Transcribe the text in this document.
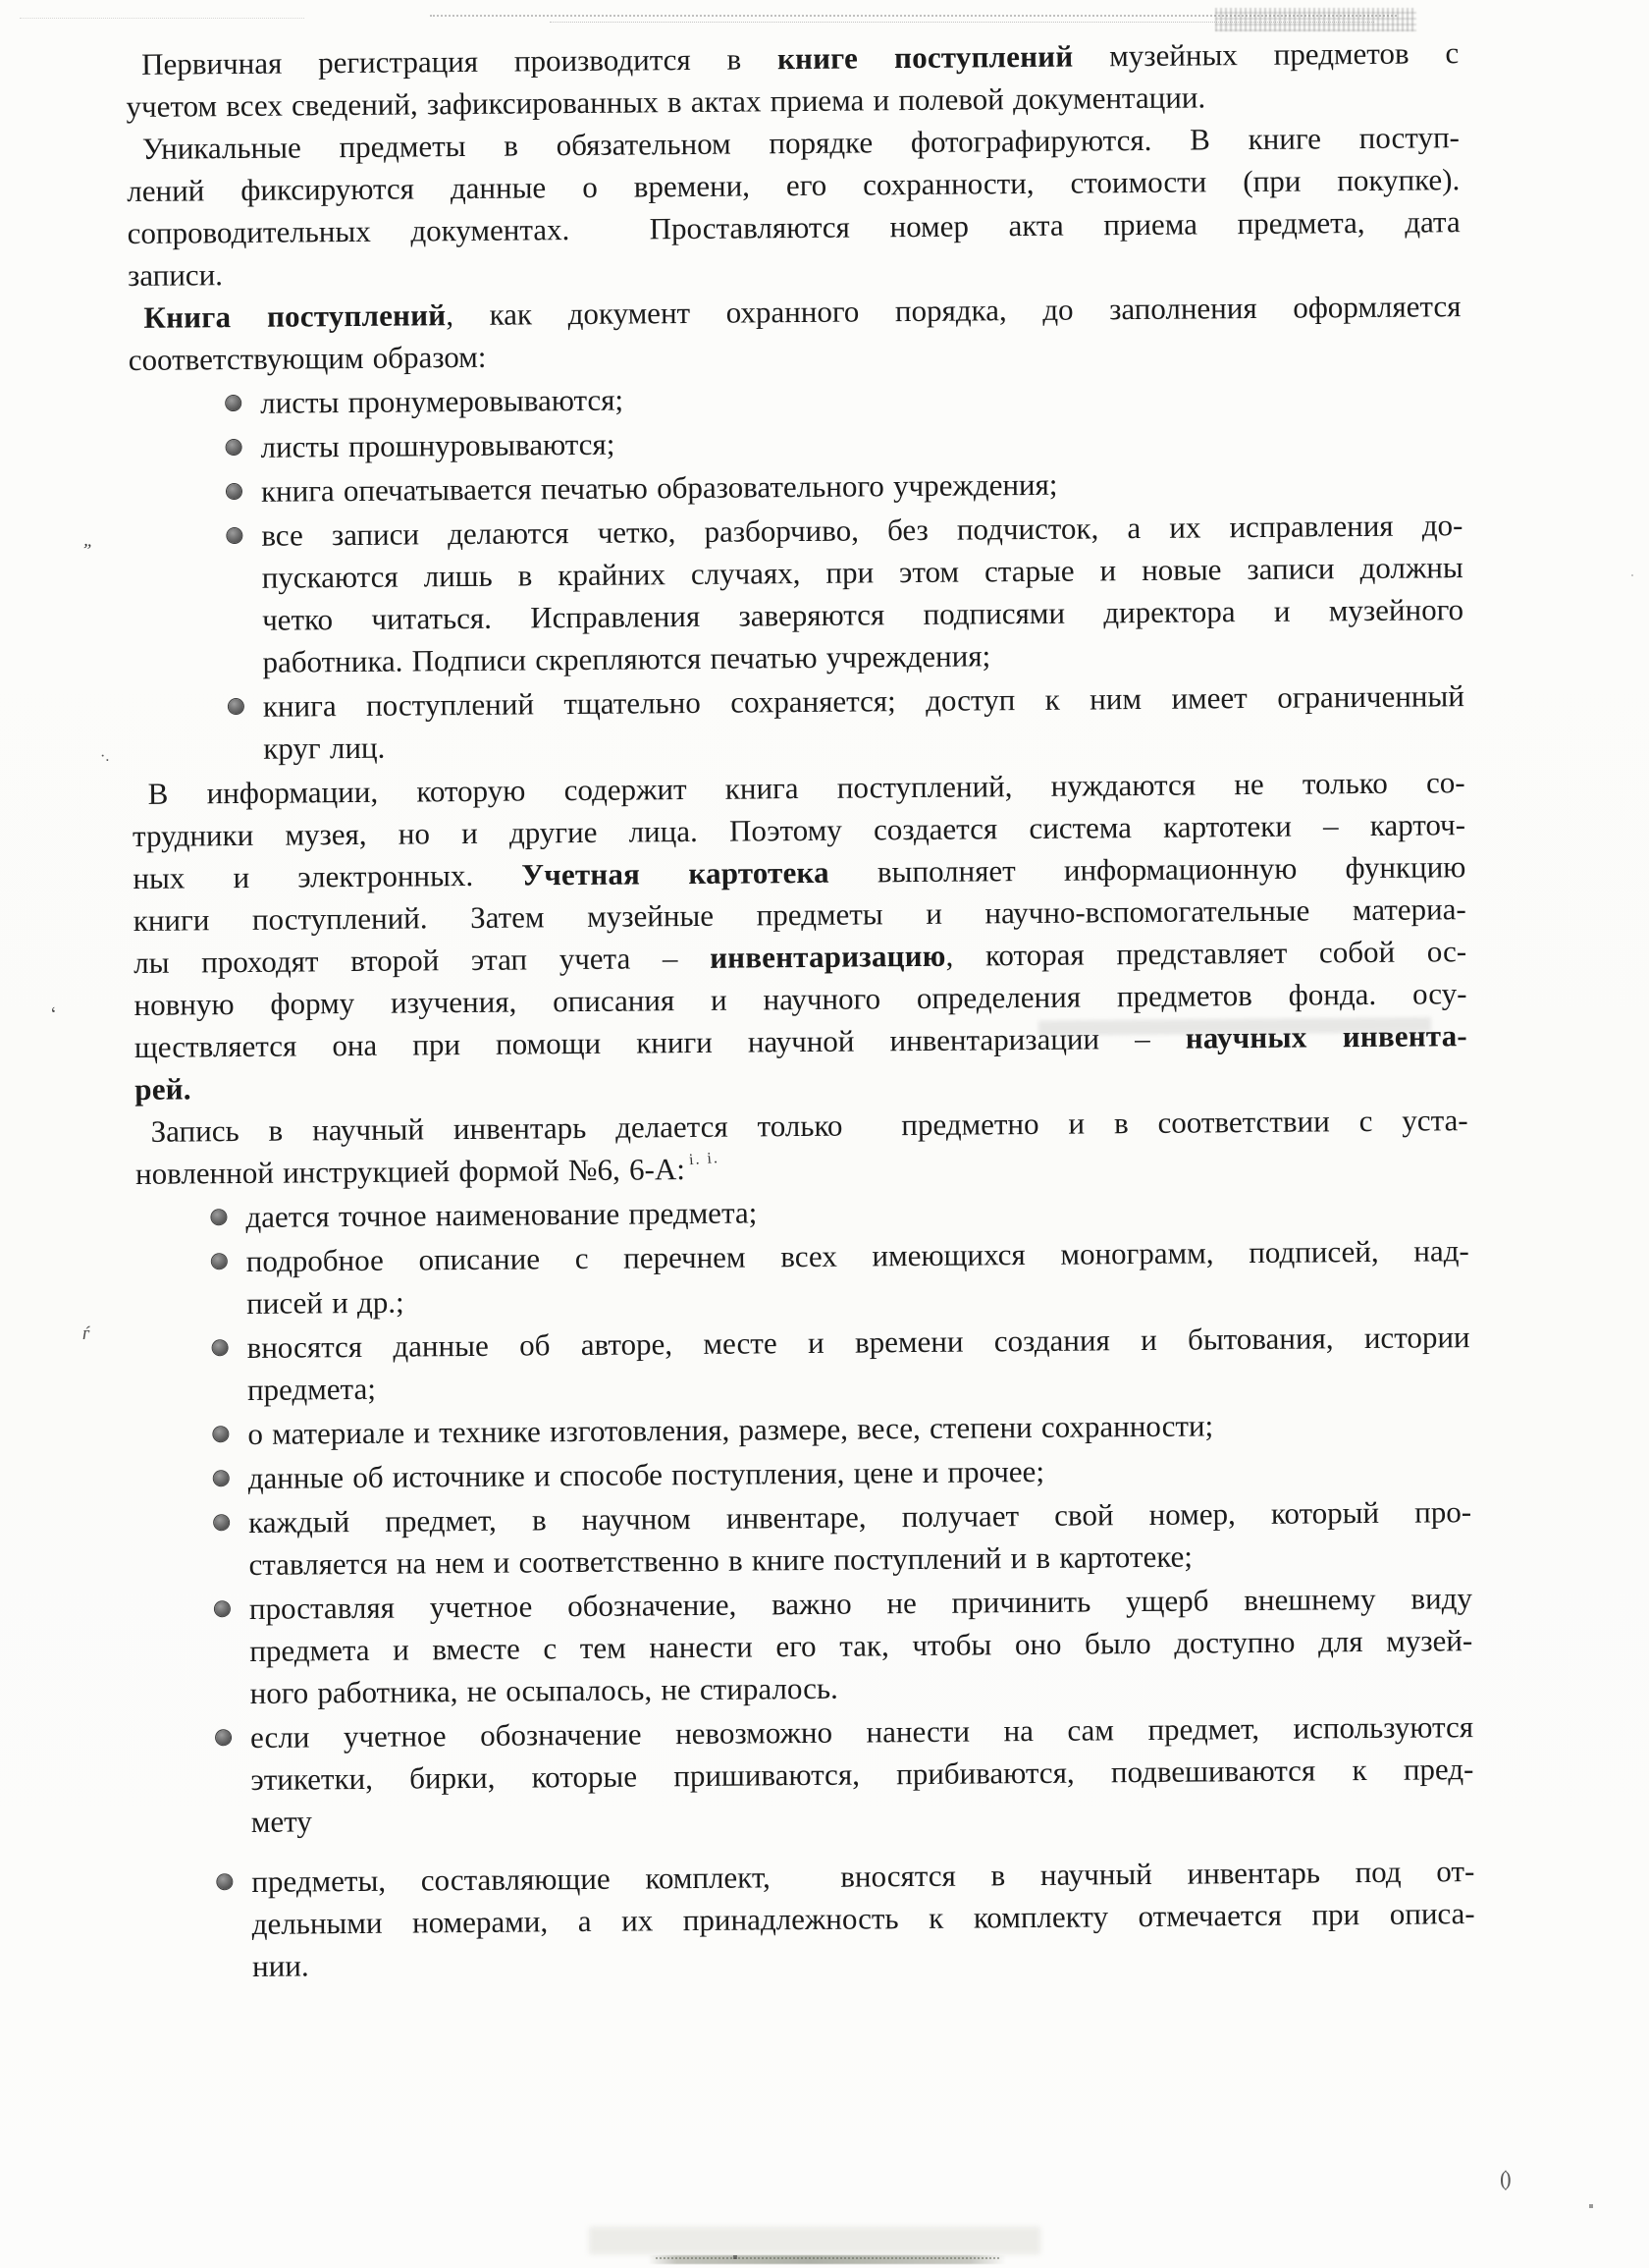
Первичная регистрация производится в книге поступлений музейных предметов с
учетом всех сведений, зафиксированных в актах приема и полевой документации.
Уникальные предметы в обязательном порядке фотографируются. В книге поступ-
лений фиксируются данные о времени, его сохранности, стоимости (при покупке).
сопроводительных документах.  Проставляются номер акта приема предмета, дата
записи.
Книга поступлений, как документ охранного порядка, до заполнения оформляется
соответствующим образом:
листы пронумеровываются;
листы прошнуровываются;
книга опечатывается печатью образовательного учреждения;
все записи делаются четко, разборчиво, без подчисток, а их исправления до-
пускаются лишь в крайних случаях, при этом старые и новые записи должны
четко читаться. Исправления заверяются подписями директора и музейного
работника. Подписи скрепляются печатью учреждения;
книга поступлений тщательно сохраняется; доступ к ним имеет ограниченный
круг лиц.
В информации, которую содержит книга поступлений, нуждаются не только со-
трудники музея, но и другие лица. Поэтому создается система картотеки – карточ-
ных и электронных. Учетная картотека выполняет информационную функцию
книги поступлений. Затем музейные предметы и научно-вспомогательные материа-
лы проходят второй этап учета – инвентаризацию, которая представляет собой ос-
новную форму изучения, описания и научного определения предметов фонда. осу-
ществляется она при помощи книги научной инвентаризации – научных инвента-
рей.
Запись в научный инвентарь делается только  предметно и в соответствии с уста-
новленной инструкцией формой №6, 6-А:
дается точное наименование предмета;
подробное описание с перечнем всех имеющихся монограмм, подписей, над-
писей и др.;
вносятся данные об авторе, месте и времени создания и бытования, истории
предмета;
о материале и технике изготовления, размере, весе, степени сохранности;
данные об источнике и способе поступления, цене и прочее;
каждый предмет, в научном инвентаре, получает свой номер, который про-
ставляется на нем и соответственно в книге поступлений и в картотеке;
проставляя учетное обозначение, важно не причинить ущерб внешнему виду
предмета и вместе с тем нанести его так, чтобы оно было доступно для музей-
ного работника, не осыпалось, не стиралось.
если учетное обозначение невозможно нанести на сам предмет, используются
этикетки, бирки, которые пришиваются, прибиваются, подвешиваются к пред-
мету
предметы, составляющие комплект,  вносятся в научный инвентарь под от-
дельными номерами, а их принадлежность к комплекту отмечается при описа-
нии.
„
·.
‘
ѓ
і. і.
()
